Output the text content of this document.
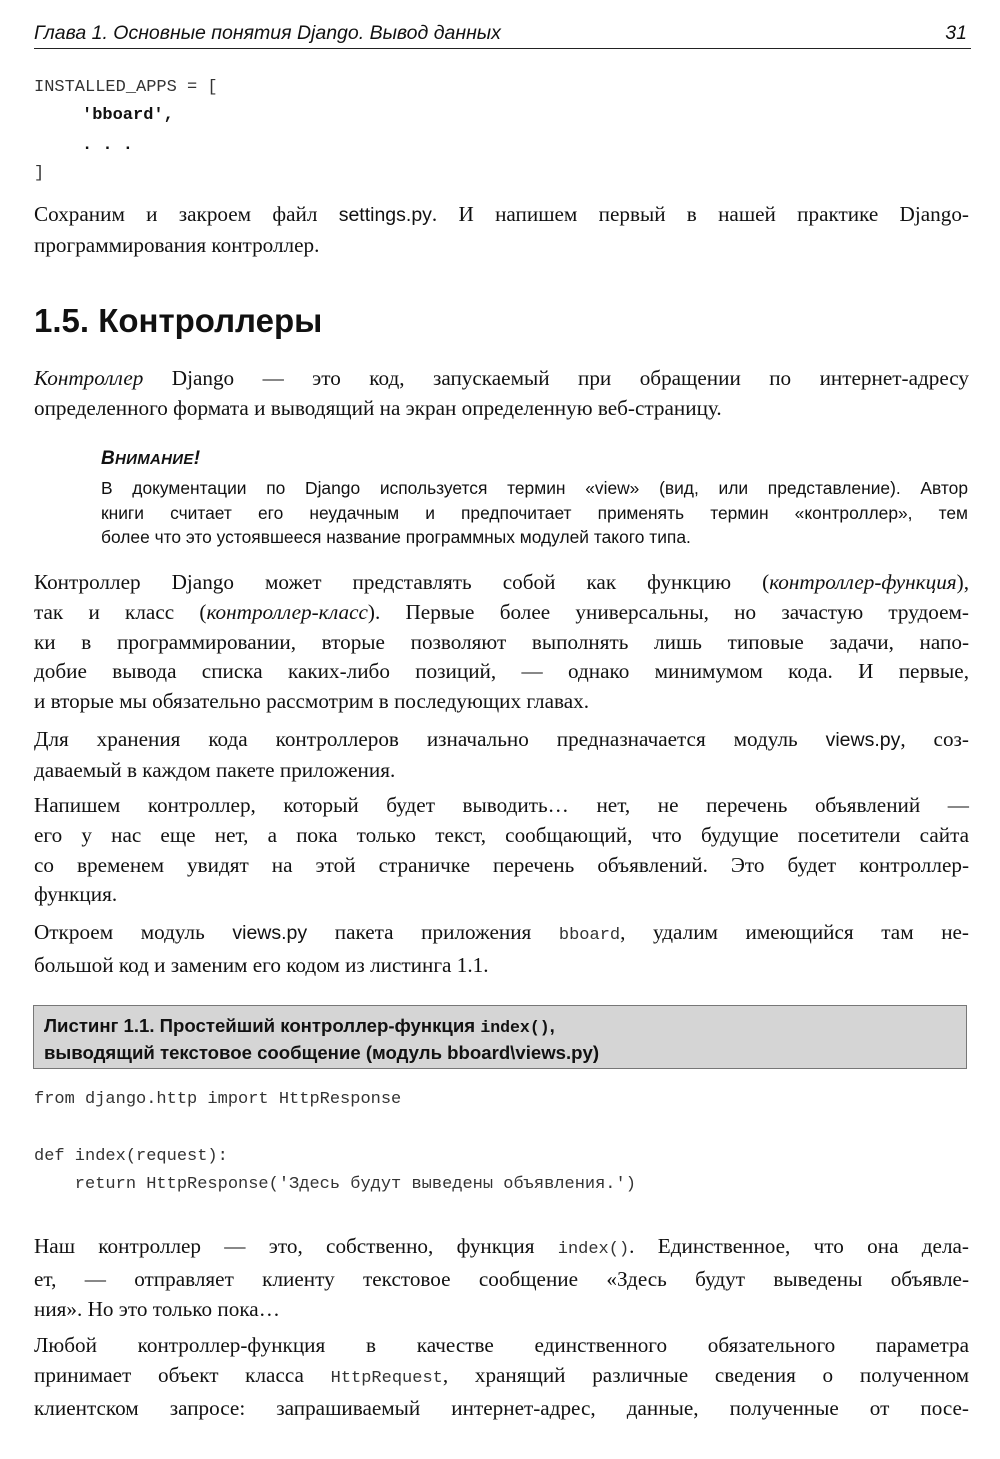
Глава 1. Основные понятия Django. Вывод данных	31
INSTALLED_APPS = [
'bboard',
. . .
]
Сохраним и закроем файл settings.py. И напишем первый в нашей практике Django-
программирования контроллер.
1.5. Контроллеры
Контроллер Django — это код, запускаемый при обращении по интернет-адресу
определенного формата и выводящий на экран определенную веб-страницу.
ВНИМАНИЕ!
В документации по Django используется термин «view» (вид, или представление). Автор
книги считает его неудачным и предпочитает применять термин «контроллер», тем
более что это устоявшееся название программных модулей такого типа.
Контроллер Django может представлять собой как функцию (контроллер-функция),
так и класс (контроллер-класс). Первые более универсальны, но зачастую трудоем-
ки в программировании, вторые позволяют выполнять лишь типовые задачи, напо-
добие вывода списка каких-либо позиций, — однако минимумом кода. И первые,
и вторые мы обязательно рассмотрим в последующих главах.
Для хранения кода контроллеров изначально предназначается модуль views.py, соз-
даваемый в каждом пакете приложения.
Напишем контроллер, который будет выводить… нет, не перечень объявлений —
его у нас еще нет, а пока только текст, сообщающий, что будущие посетители сайта
со временем увидят на этой страничке перечень объявлений. Это будет контроллер-
функция.
Откроем модуль views.py пакета приложения bboard, удалим имеющийся там не-
большой код и заменим его кодом из листинга 1.1.
Листинг 1.1. Простейший контроллер-функция index(),
выводящий текстовое сообщение (модуль bboard\views.py)
from django.http import HttpResponse
def index(request):
return HttpResponse('Здесь будут выведены объявления.')
Наш контроллер — это, собственно, функция index(). Единственное, что она дела-
ет, — отправляет клиенту текстовое сообщение «Здесь будут выведены объявле-
ния». Но это только пока…
Любой контроллер-функция в качестве единственного обязательного параметра
принимает объект класса HttpRequest, хранящий различные сведения о полученном
клиентском запросе: запрашиваемый интернет-адрес, данные, полученные от посе-
